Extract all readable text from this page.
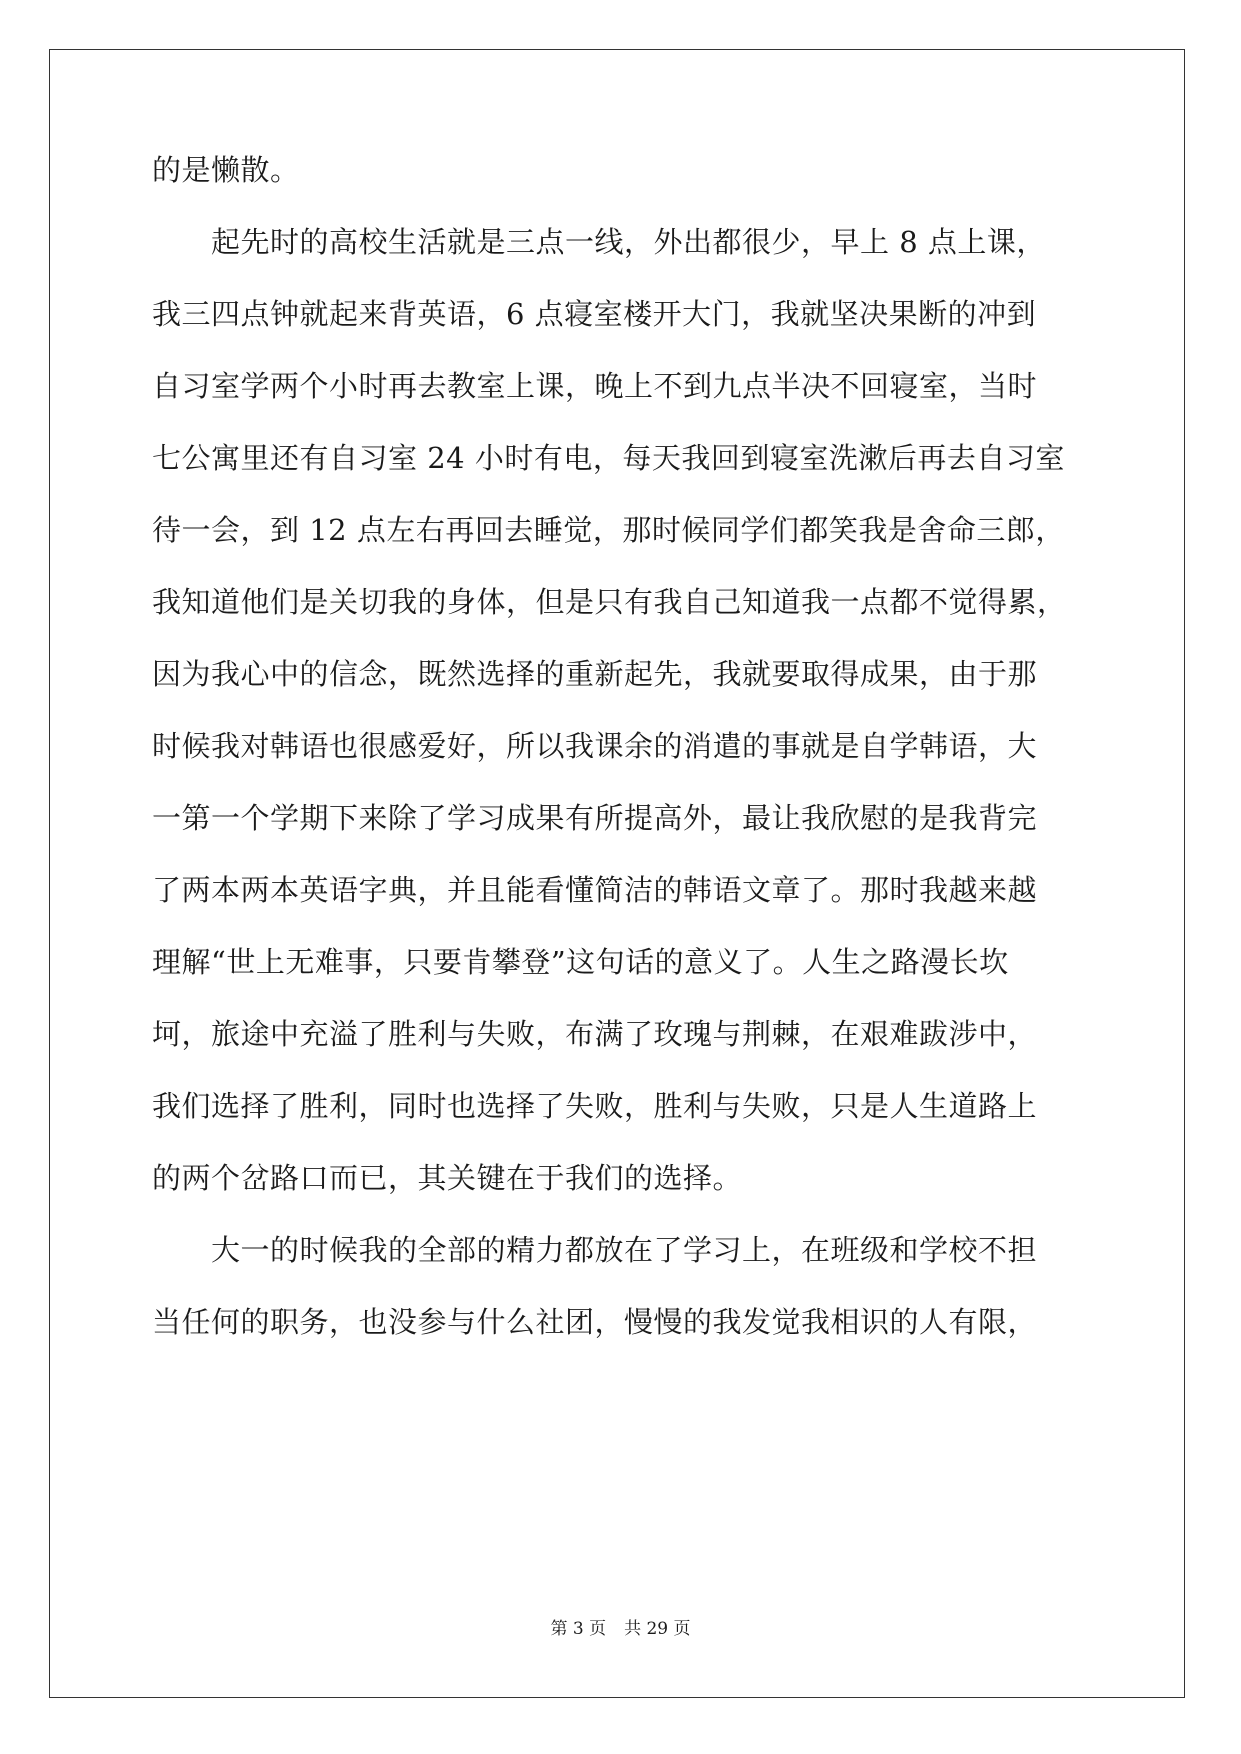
的是懒散。
　　起先时的高校生活就是三点一线，外出都很少，早上 8 点上课，
我三四点钟就起来背英语，6 点寝室楼开大门，我就坚决果断的冲到
自习室学两个小时再去教室上课，晚上不到九点半决不回寝室，当时
七公寓里还有自习室 24 小时有电，每天我回到寝室洗漱后再去自习室
待一会，到 12 点左右再回去睡觉，那时候同学们都笑我是舍命三郎，
我知道他们是关切我的身体，但是只有我自己知道我一点都不觉得累，
因为我心中的信念，既然选择的重新起先，我就要取得成果，由于那
时候我对韩语也很感爱好，所以我课余的消遣的事就是自学韩语，大
一第一个学期下来除了学习成果有所提高外，最让我欣慰的是我背完
了两本两本英语字典，并且能看懂简洁的韩语文章了。那时我越来越
理解“世上无难事，只要肯攀登”这句话的意义了。人生之路漫长坎
坷，旅途中充溢了胜利与失败，布满了玫瑰与荆棘，在艰难跋涉中，
我们选择了胜利，同时也选择了失败，胜利与失败，只是人生道路上
的两个岔路口而已，其关键在于我们的选择。
　　大一的时候我的全部的精力都放在了学习上，在班级和学校不担
当任何的职务，也没参与什么社团，慢慢的我发觉我相识的人有限，
第 3 页 共 29 页
